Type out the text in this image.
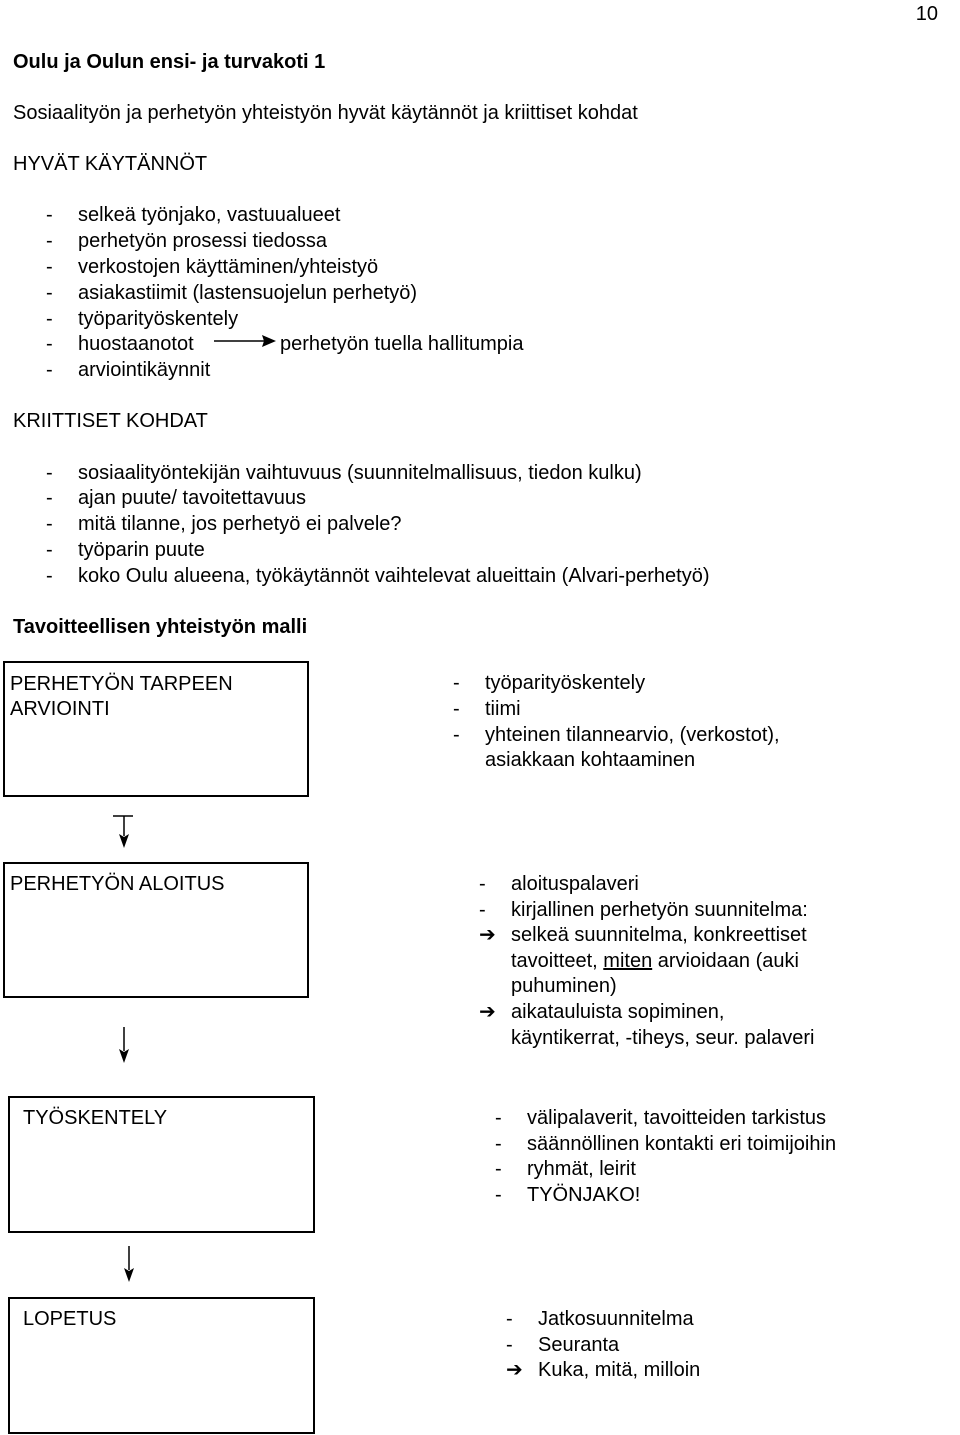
10
Oulu ja Oulun ensi- ja turvakoti 1
Sosiaalityön ja perhetyön yhteistyön hyvät käytännöt ja kriittiset kohdat
HYVÄT KÄYTÄNNÖT
- selkeä työnjako, vastuualueet
- perhetyön prosessi tiedossa
- verkostojen käyttäminen/yhteistyö
- asiakastiimit (lastensuojelun perhetyö)
- työparityöskentely
- huostaanotot	perhetyön tuella hallitumpia
- arviointikäynnit
KRIITTISET KOHDAT
- sosiaalityöntekijän vaihtuvuus (suunnitelmallisuus, tiedon kulku)
- ajan puute/ tavoitettavuus
- mitä tilanne, jos perhetyö ei palvele?
- työparin puute
- koko Oulu alueena, työkäytännöt vaihtelevat alueittain (Alvari-perhetyö)
Tavoitteellisen yhteistyön malli
PERHETYÖN TARPEEN
ARVIOINTI
- työparityöskentely
- tiimi
- yhteinen tilannearvio, (verkostot),
asiakkaan kohtaaminen
PERHETYÖN ALOITUS	- aloituspalaveri
- kirjallinen perhetyön suunnitelma:
➔ selkeä suunnitelma, konkreettiset
tavoitteet, miten arvioidaan (auki
puhuminen)
➔ aikatauluista sopiminen,
käyntikerrat, -tiheys, seur. palaveri
TYÖSKENTELY	- välipalaverit, tavoitteiden tarkistus
- säännöllinen kontakti eri toimijoihin
- ryhmät, leirit
- TYÖNJAKO!
LOPETUS	- Jatkosuunnitelma
- Seuranta
➔ Kuka, mitä, milloin
